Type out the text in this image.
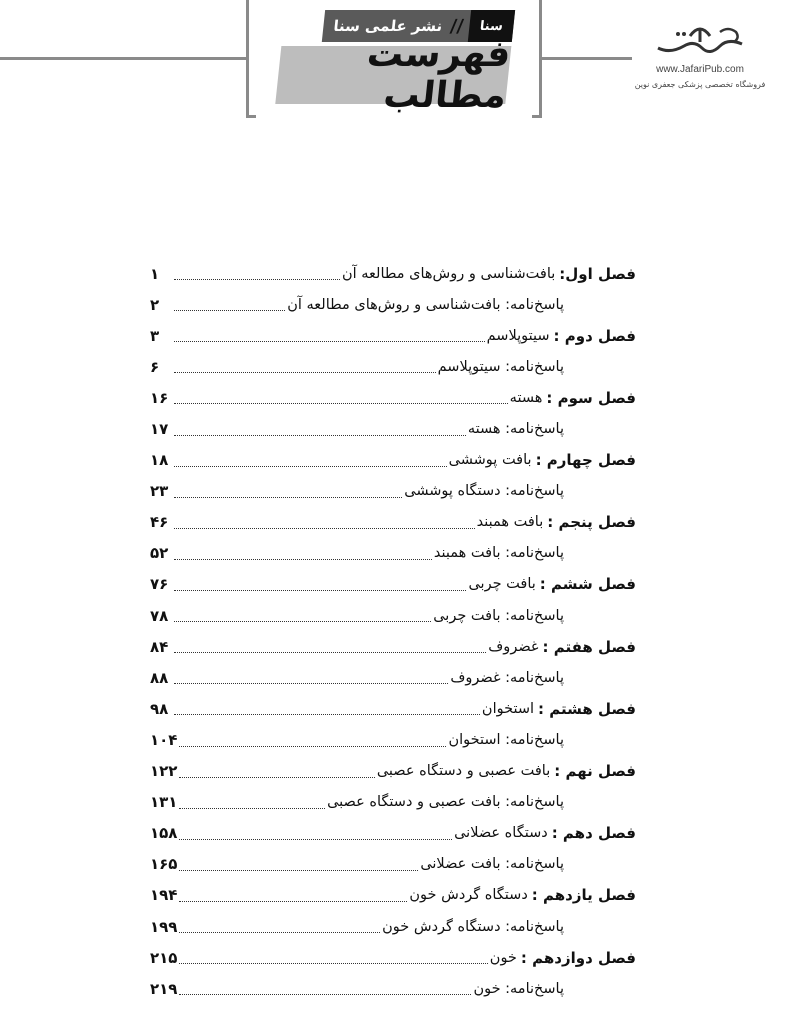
نشر علمی سنا //	سنا
فهرست مطالب
www.JafariPub.com
فروشگاه تخصصی پزشکی جعفری نوین
فصل اول:
بافت‌شناسی و روش‌های مطالعه آن
۱
پاسخ‌نامه: بافت‌شناسی و روش‌های مطالعه آن
۲
فصل دوم :
سیتوپلاسم
۳
پاسخ‌نامه: سیتوپلاسم
۶
فصل سوم :
هسته
۱۶
پاسخ‌نامه: هسته
۱۷
فصل چهارم :
بافت پوششی
۱۸
پاسخ‌نامه: دستگاه پوششی
۲۳
فصل پنجم :
بافت همبند
۴۶
پاسخ‌نامه: بافت همبند
۵۲
فصل ششم :
بافت چربی
۷۶
پاسخ‌نامه: بافت چربی
۷۸
فصل هفتم :
غضروف
۸۴
پاسخ‌نامه: غضروف
۸۸
فصل هشتم :
استخوان
۹۸
پاسخ‌نامه: استخوان
۱۰۴
فصل نهم :
بافت عصبی و دستگاه عصبی
۱۲۲
پاسخ‌نامه: بافت عصبی و دستگاه عصبی
۱۳۱
فصل دهم :
دستگاه عضلانی
۱۵۸
پاسخ‌نامه: بافت عضلانی
۱۶۵
فصل یازدهم :
دستگاه گردش خون
۱۹۴
پاسخ‌نامه: دستگاه گردش خون
۱۹۹
فصل دوازدهم :
خون
۲۱۵
پاسخ‌نامه: خون
۲۱۹
